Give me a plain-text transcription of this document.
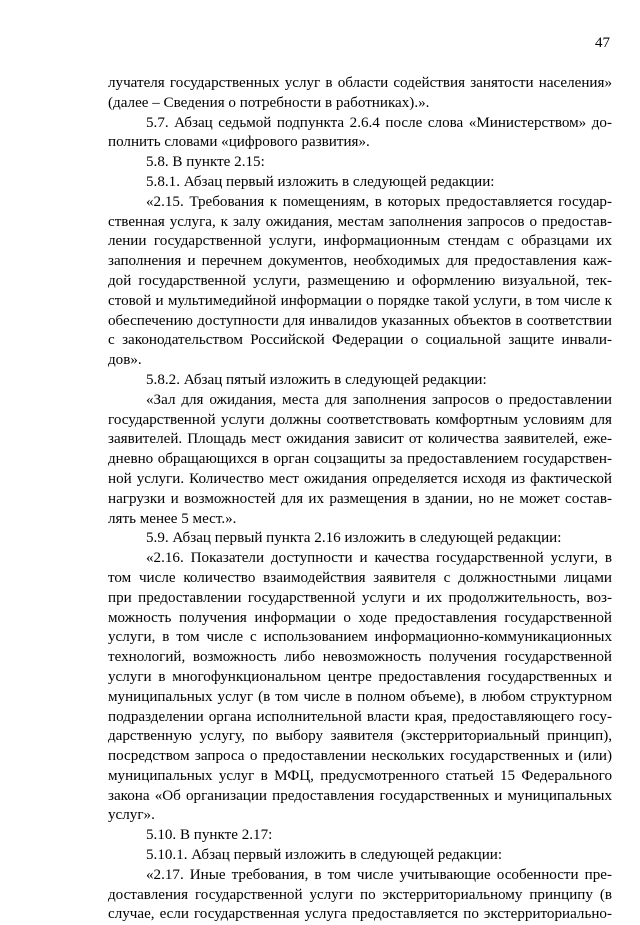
47
лучателя государственных услуг в области содействия занятости населения»
(далее – Сведения о потребности в работниках).».
5.7. Абзац седьмой подпункта 2.6.4 после слова «Министерством» до-
полнить словами «цифрового развития».
5.8. В пункте 2.15:
5.8.1. Абзац первый изложить в следующей редакции:
«2.15. Требования к помещениям, в которых предоставляется государ-
ственная услуга, к залу ожидания, местам заполнения запросов о предостав-
лении государственной услуги, информационным стендам с образцами их
заполнения и перечнем документов, необходимых для предоставления каж-
дой государственной услуги, размещению и оформлению визуальной, тек-
стовой и мультимедийной информации о порядке такой услуги, в том числе к
обеспечению доступности для инвалидов указанных объектов в соответствии
с законодательством Российской Федерации о социальной защите инвали-
дов».
5.8.2. Абзац пятый изложить в следующей редакции:
«Зал для ожидания, места для заполнения запросов о предоставлении
государственной услуги должны соответствовать комфортным условиям для
заявителей. Площадь мест ожидания зависит от количества заявителей, еже-
дневно обращающихся в орган соцзащиты за предоставлением государствен-
ной услуги. Количество мест ожидания определяется исходя из фактической
нагрузки и возможностей для их размещения в здании, но не может состав-
лять менее 5 мест.».
5.9. Абзац первый пункта 2.16 изложить в следующей редакции:
«2.16. Показатели доступности и качества государственной услуги, в
том числе количество взаимодействия заявителя с должностными лицами
при предоставлении государственной услуги и их продолжительность, воз-
можность получения информации о ходе предоставления государственной
услуги, в том числе с использованием информационно-коммуникационных
технологий, возможность либо невозможность получения государственной
услуги в многофункциональном центре предоставления государственных и
муниципальных услуг (в том числе в полном объеме), в любом структурном
подразделении органа исполнительной власти края, предоставляющего госу-
дарственную услугу, по выбору заявителя (экстерриториальный принцип),
посредством запроса о предоставлении нескольких государственных и (или)
муниципальных услуг в МФЦ, предусмотренного статьей 15 Федерального
закона «Об организации предоставления государственных и муниципальных
услуг».
5.10. В пункте 2.17:
5.10.1. Абзац первый изложить в следующей редакции:
«2.17. Иные требования, в том числе учитывающие особенности пре-
доставления государственной услуги по экстерриториальному принципу (в
случае, если государственная услуга предоставляется по экстерриториально-
